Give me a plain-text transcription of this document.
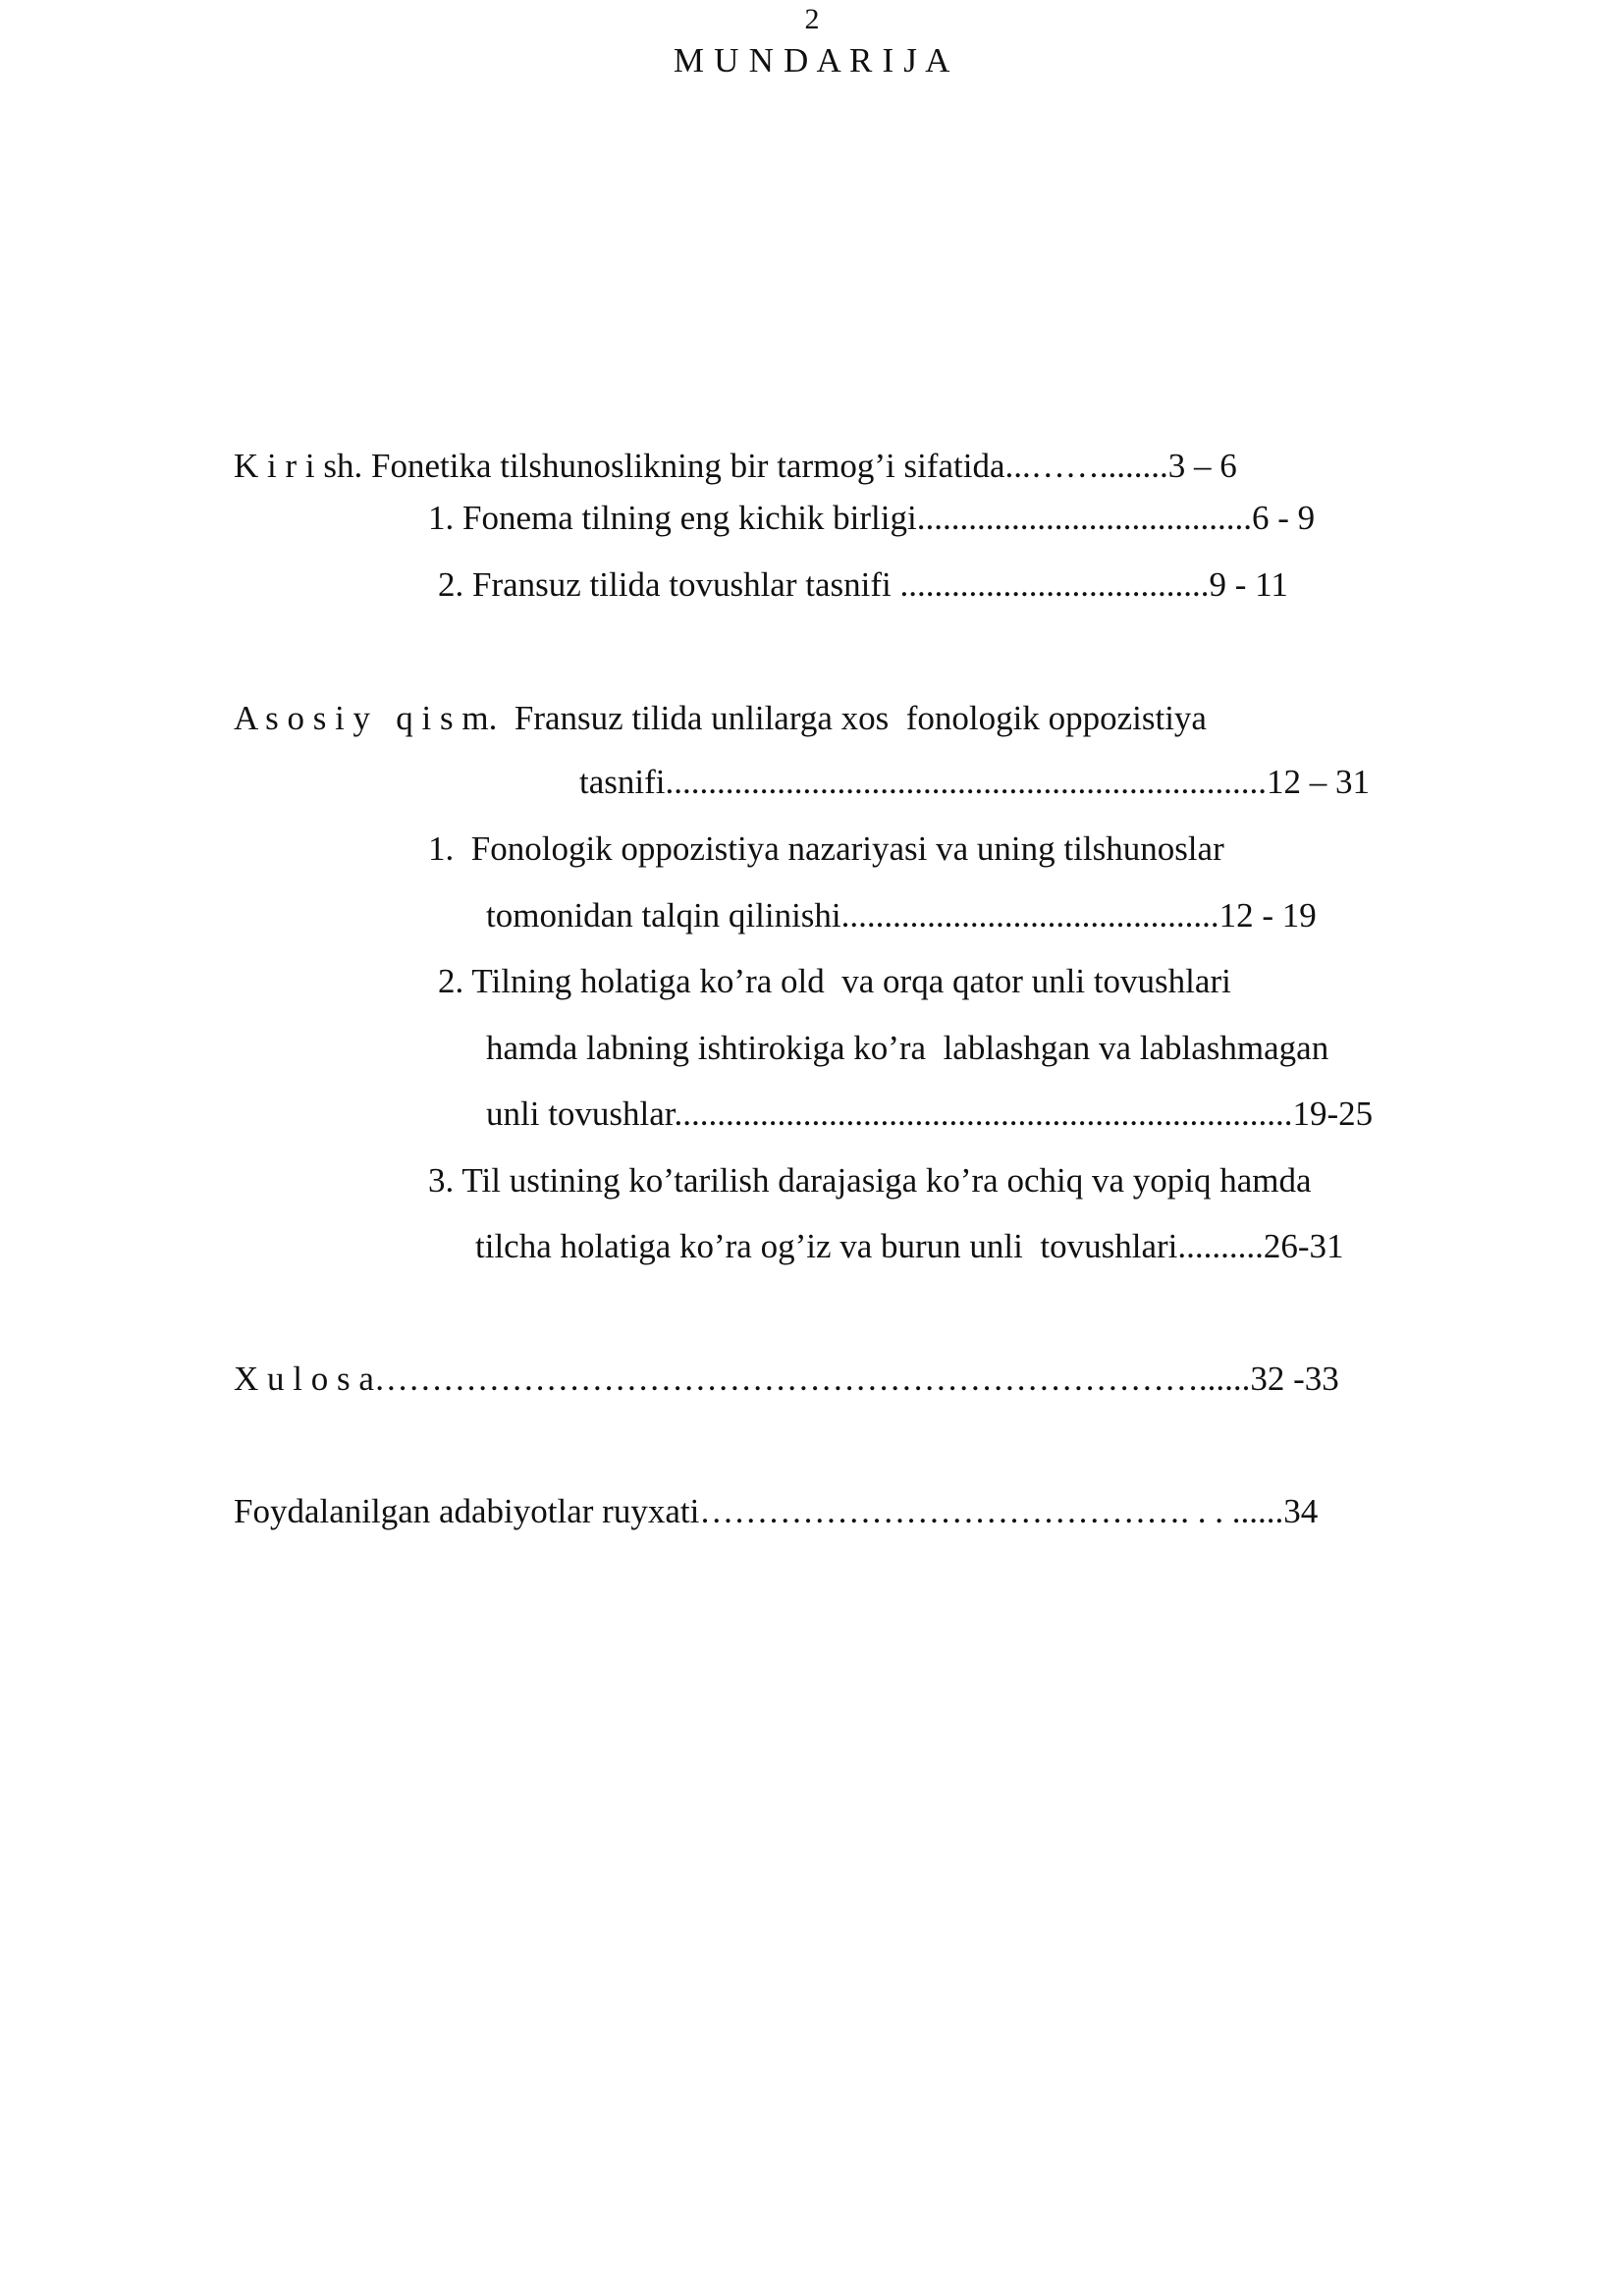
2
M U N D A R I J A
K i r i sh. Fonetika tilshunoslikning bir tarmog’i sifatida...……........3 – 6
1. Fonema tilning eng kichik birligi.......................................6 - 9
2. Fransuz tilida tovushlar tasnifi ....................................9 - 11
A s o s i y   q i s m.  Fransuz tilida unlilarga xos  fonologik oppozistiya
tasnifi......................................................................12 – 31
1.  Fonologik oppozistiya nazariyasi va uning tilshunoslar
tomonidan talqin qilinishi............................................12 - 19
2. Tilning holatiga ko’ra old  va orqa qator unli tovushlari
hamda labning ishtirokiga ko’ra  lablashgan va lablashmagan
unli tovushlar........................................................................19-25
3. Til ustining ko’tarilish darajasiga ko’ra ochiq va yopiq hamda
tilcha holatiga ko’ra og’iz va burun unli  tovushlari..........26-31
X u l o s a………………………………………………………………......32 -33
Foydalanilgan adabiyotlar ruyxati……………………………………. . . ......34
